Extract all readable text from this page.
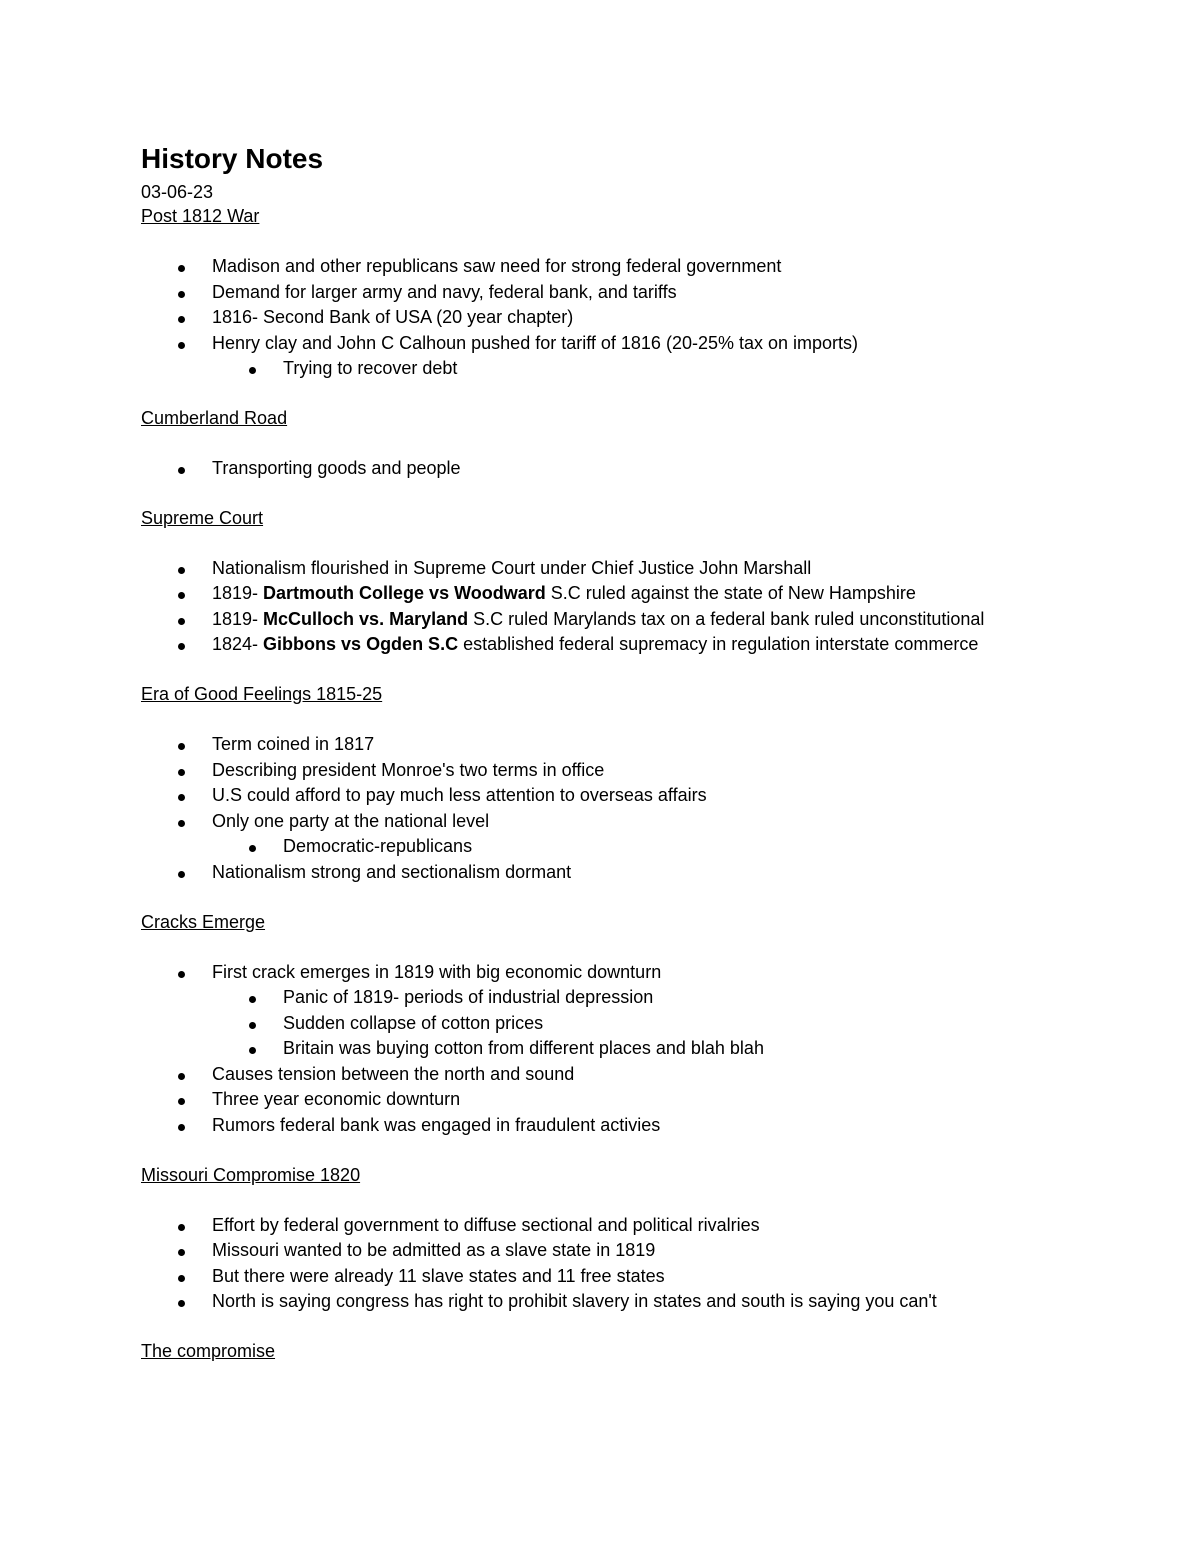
History Notes
03-06-23
Post 1812 War
Madison and other republicans saw need for strong federal government
Demand for larger army and navy, federal bank, and tariffs
1816- Second Bank of USA (20 year chapter)
Henry clay and John C Calhoun pushed for tariff of 1816 (20-25% tax on imports)
Trying to recover debt
Cumberland Road
Transporting goods and people
Supreme Court
Nationalism flourished in Supreme Court under Chief Justice John Marshall
1819- Dartmouth College vs Woodward S.C ruled against the state of New Hampshire
1819- McCulloch vs. Maryland S.C ruled Marylands tax on a federal bank ruled unconstitutional
1824- Gibbons vs Ogden S.C established federal supremacy in regulation interstate commerce
Era of Good Feelings 1815-25
Term coined in 1817
Describing president Monroe's two terms in office
U.S could afford to pay much less attention to overseas affairs
Only one party at the national level
Democratic-republicans
Nationalism strong and sectionalism dormant
Cracks Emerge
First crack emerges in 1819 with big economic downturn
Panic of 1819- periods of industrial depression
Sudden collapse of cotton prices
Britain was buying cotton from different places and blah blah
Causes tension between the north and sound
Three year economic downturn
Rumors federal bank was engaged in fraudulent activies
Missouri Compromise 1820
Effort by federal government to diffuse sectional and political rivalries
Missouri wanted to be admitted as a slave state in 1819
But there were already 11 slave states and 11 free states
North is saying congress has right to prohibit slavery in states and south is saying you can't
The compromise
